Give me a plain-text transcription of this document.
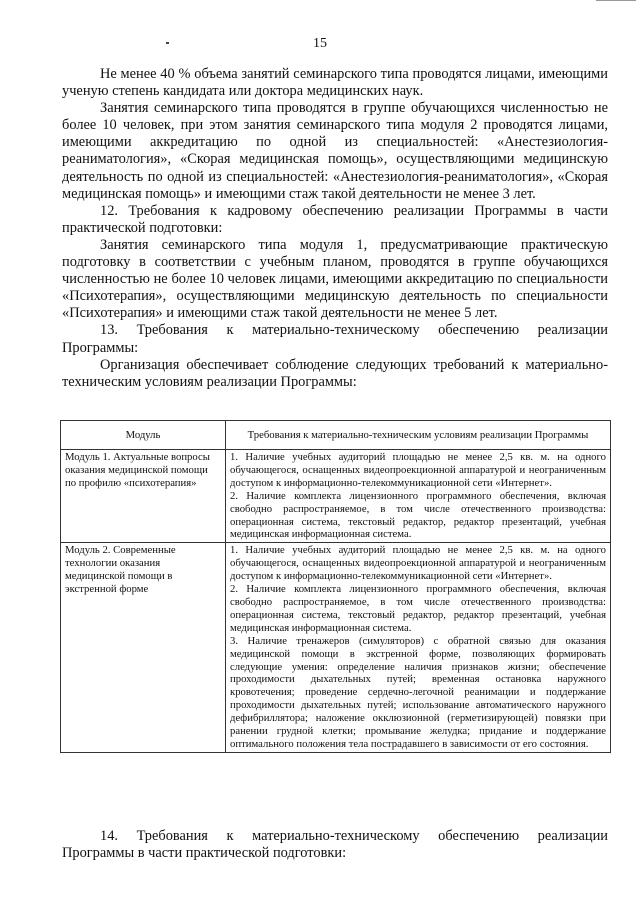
15

Не менее 40 % объема занятий семинарского типа проводятся лицами, имеющими ученую степень кандидата или доктора медицинских наук.

Занятия семинарского типа проводятся в группе обучающихся численностью не более 10 человек, при этом занятия семинарского типа модуля 2 проводятся лицами, имеющими аккредитацию по одной из специальностей: «Анестезиология-реаниматология», «Скорая медицинская помощь», осуществляющими медицинскую деятельность по одной из специальностей: «Анестезиология-реаниматология», «Скорая медицинская помощь» и имеющими стаж такой деятельности не менее 3 лет.

12. Требования к кадровому обеспечению реализации Программы в части практической подготовки:

Занятия семинарского типа модуля 1, предусматривающие практическую подготовку в соответствии с учебным планом, проводятся в группе обучающихся численностью не более 10 человек лицами, имеющими аккредитацию по специальности «Психотерапия», осуществляющими медицинскую деятельность по специальности «Психотерапия» и имеющими стаж такой деятельности не менее 5 лет.

13. Требования к материально-техническому обеспечению реализации Программы:

Организация обеспечивает соблюдение следующих требований к материально-техническим условиям реализации Программы:

Модуль	Требования к материально-техническим условиям реализации Программы
Модуль 1. Актуальные вопросы оказания медицинской помощи по профилю «психотерапия»	1. Наличие учебных аудиторий площадью не менее 2,5 кв. м. на одного обучающегося, оснащенных видеопроекционной аппаратурой и неограниченным доступом к информационно-телекоммуникационной сети «Интернет».

2. Наличие комплекта лицензионного программного обеспечения, включая свободно распространяемое, в том числе отечественного производства: операционная система, текстовый редактор, редактор презентаций, учебная медицинская информационная система.

Модуль 2. Современные технологии оказания медицинской помощи в экстренной форме	1. Наличие учебных аудиторий площадью не менее 2,5 кв. м. на одного обучающегося, оснащенных видеопроекционной аппаратурой и неограниченным доступом к информационно-телекоммуникационной сети «Интернет».

2. Наличие комплекта лицензионного программного обеспечения, включая свободно распространяемое, в том числе отечественного производства: операционная система, текстовый редактор, редактор презентаций, учебная медицинская информационная система.

3. Наличие тренажеров (симуляторов) с обратной связью для оказания медицинской помощи в экстренной форме, позволяющих формировать следующие умения: определение наличия признаков жизни; обеспечение проходимости дыхательных путей; временная остановка наружного кровотечения; проведение сердечно-легочной реанимации и поддержание проходимости дыхательных путей; использование автоматического наружного дефибриллятора; наложение окклюзионной (герметизирующей) повязки при ранении грудной клетки; промывание желудка; придание и поддержание оптимального положения тела пострадавшего в зависимости от его состояния.

14. Требования к материально-техническому обеспечению реализации Программы в части практической подготовки:
